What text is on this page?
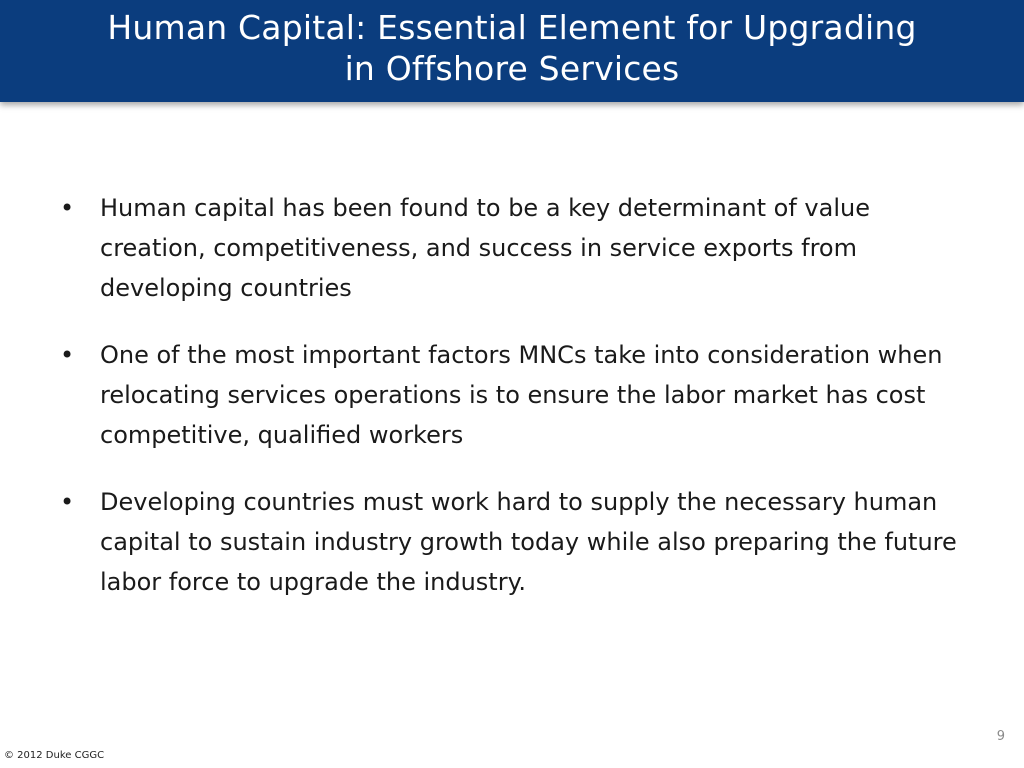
Human Capital: Essential Element for Upgrading
in Offshore Services
• Human capital has been found to be a key determinant of value creation, competitiveness, and success in service exports from developing countries
• One of the most important factors MNCs take into consideration when relocating services operations is to ensure the labor market has cost competitive, qualified workers
• Developing countries must work hard to supply the necessary human capital to sustain industry growth today while also preparing the future labor force to upgrade the industry.
9
© 2012 Duke CGGC
